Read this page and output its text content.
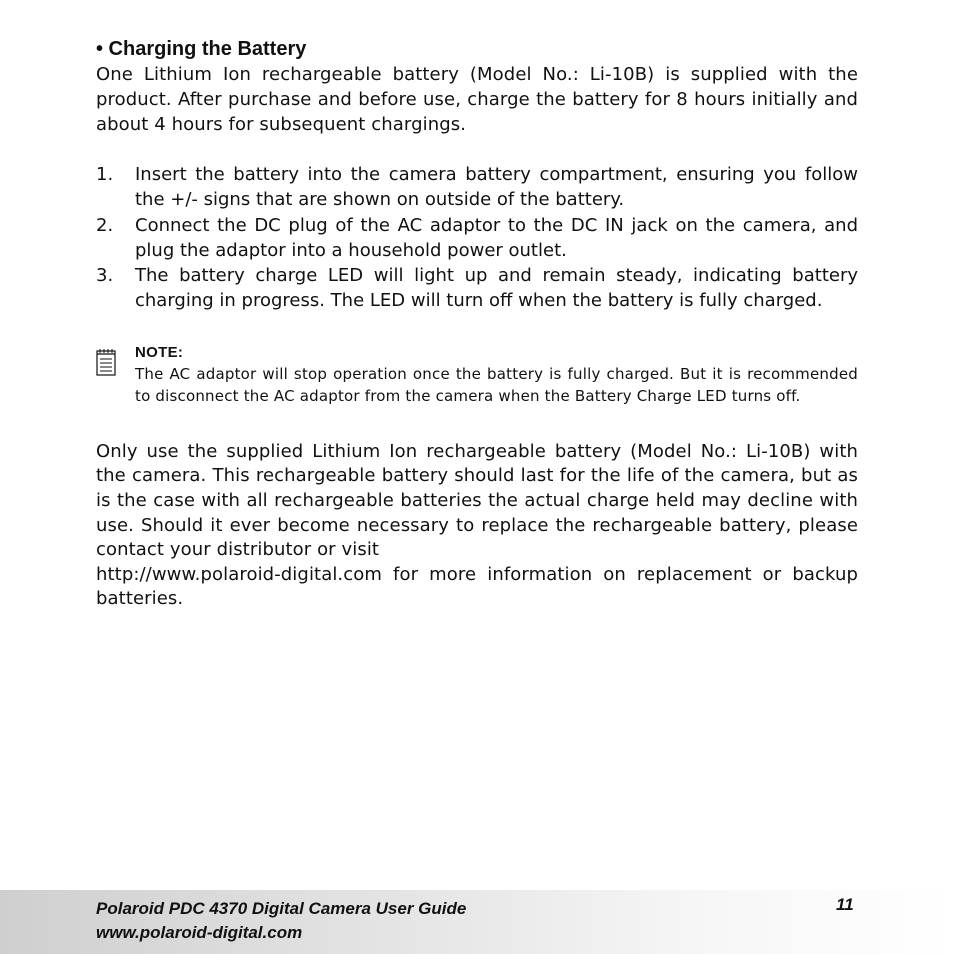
• Charging the Battery

One Lithium Ion rechargeable battery (Model No.: Li-10B) is supplied with the product. After purchase and before use, charge the battery for 8 hours initially and about 4 hours for subsequent chargings.

1.	Insert the battery into the camera battery compartment, ensuring you follow the +/- signs that are shown on outside of the battery.

2.	Connect the DC plug of the AC adaptor to the DC IN jack on the camera, and plug the adaptor into a household power outlet.

3.	The battery charge LED will light up and remain steady, indicating battery charging in progress. The LED will turn off when the battery is fully charged.

NOTE:

The AC adaptor will stop operation once the battery is fully charged. But it is recommended to disconnect the AC adaptor from the camera when the Battery Charge LED turns off.

Only use the supplied Lithium Ion rechargeable battery (Model No.: Li-10B) with the camera. This rechargeable battery should last for the life of the camera, but as is the case with all rechargeable batteries the actual charge held may decline with use. Should it ever become necessary to replace the rechargeable battery, please contact your distributor or visit
http://www.polaroid-digital.com for more information on replacement or backup batteries.

Polaroid PDC 4370 Digital Camera User Guide

www.polaroid-digital.com

11
